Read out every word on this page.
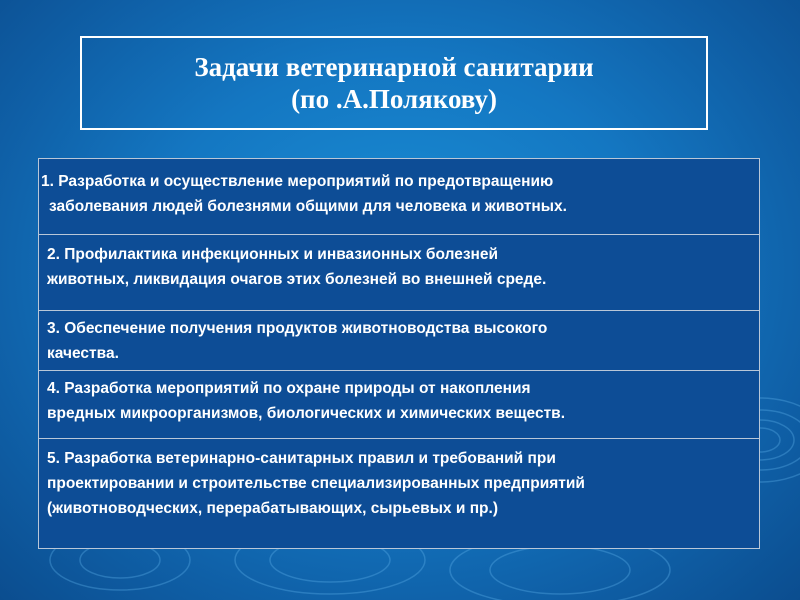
Задачи ветеринарной санитарии
(по .А.Полякову)
1. Разработка и осуществление мероприятий по предотвращению
заболевания людей болезнями общими для человека и животных.

2. Профилактика инфекционных и инвазионных болезней
животных, ликвидация очагов этих болезней во внешней среде.

3. Обеспечение получения продуктов животноводства высокого
качества.

4. Разработка мероприятий по охране природы от накопления
вредных микроорганизмов, биологических и химических веществ.

5. Разработка ветеринарно-санитарных правил и требований при
проектировании и строительстве специализированных предприятий
(животноводческих, перерабатывающих, сырьевых и пр.)
